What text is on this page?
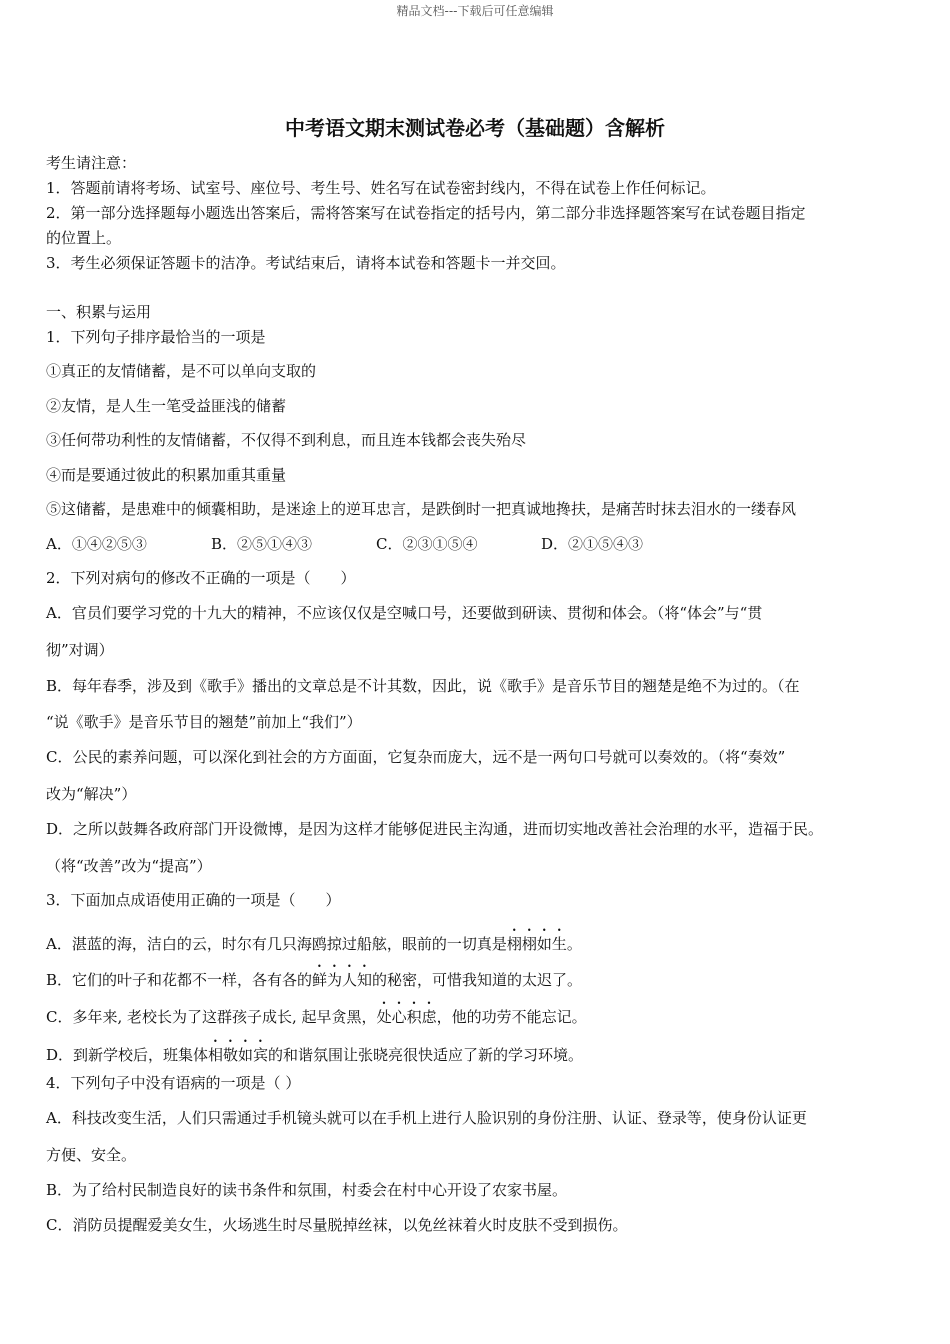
精品文档---下载后可任意编辑
中考语文期末测试卷必考（基础题）含解析
考生请注意：
1．答题前请将考场、试室号、座位号、考生号、姓名写在试卷密封线内，不得在试卷上作任何标记。
2．第一部分选择题每小题选出答案后，需将答案写在试卷指定的括号内，第二部分非选择题答案写在试卷题目指定
的位置上。
3．考生必须保证答题卡的洁净。考试结束后，请将本试卷和答题卡一并交回。
一、积累与运用
1．下列句子排序最恰当的一项是
①真正的友情储蓄，是不可以单向支取的
②友情，是人生一笔受益匪浅的储蓄
③任何带功利性的友情储蓄，不仅得不到利息，而且连本钱都会丧失殆尽
④而是要通过彼此的积累加重其重量
⑤这储蓄，是患难中的倾囊相助，是迷途上的逆耳忠言，是跌倒时一把真诚地搀扶，是痛苦时抹去泪水的一缕春风
A．①④②⑤③	B．②⑤①④③	C．②③①⑤④	D．②①⑤④③
2．下列对病句的修改不正确的一项是（　　）
A．官员们要学习党的十九大的精神，不应该仅仅是空喊口号，还要做到研读、贯彻和体会。（将“体会”与“贯
彻”对调）
B．每年春季，涉及到《歌手》播出的文章总是不计其数，因此，说《歌手》是音乐节目的翘楚是绝不为过的。（在
“说《歌手》是音乐节目的翘楚”前加上“我们”）
C．公民的素养问题，可以深化到社会的方方面面，它复杂而庞大，远不是一两句口号就可以奏效的。（将“奏效”
改为“解决”）
D．之所以鼓舞各政府部门开设微博，是因为这样才能够促进民主沟通，进而切实地改善社会治理的水平，造福于民。
（将“改善”改为“提高”）
3．下面加点成语使用正确的一项是（　　）
A．湛蓝的海，洁白的云，时尔有几只海鸥掠过船舷，眼前的一切真是栩栩如生。
B．它们的叶子和花都不一样，各有各的鲜为人知的秘密，可惜我知道的太迟了。
C．多年来, 老校长为了这群孩子成长, 起早贪黑，处心积虑，他的功劳不能忘记。
D．到新学校后，班集体相敬如宾的和谐氛围让张晓亮很快适应了新的学习环境。
4．下列句子中没有语病的一项是（ ）
A．科技改变生活，人们只需通过手机镜头就可以在手机上进行人脸识别的身份注册、认证、登录等，使身份认证更
方便、安全。
B．为了给村民制造良好的读书条件和氛围，村委会在村中心开设了农家书屋。
C．消防员提醒爱美女生，火场逃生时尽量脱掉丝袜，以免丝袜着火时皮肤不受到损伤。
